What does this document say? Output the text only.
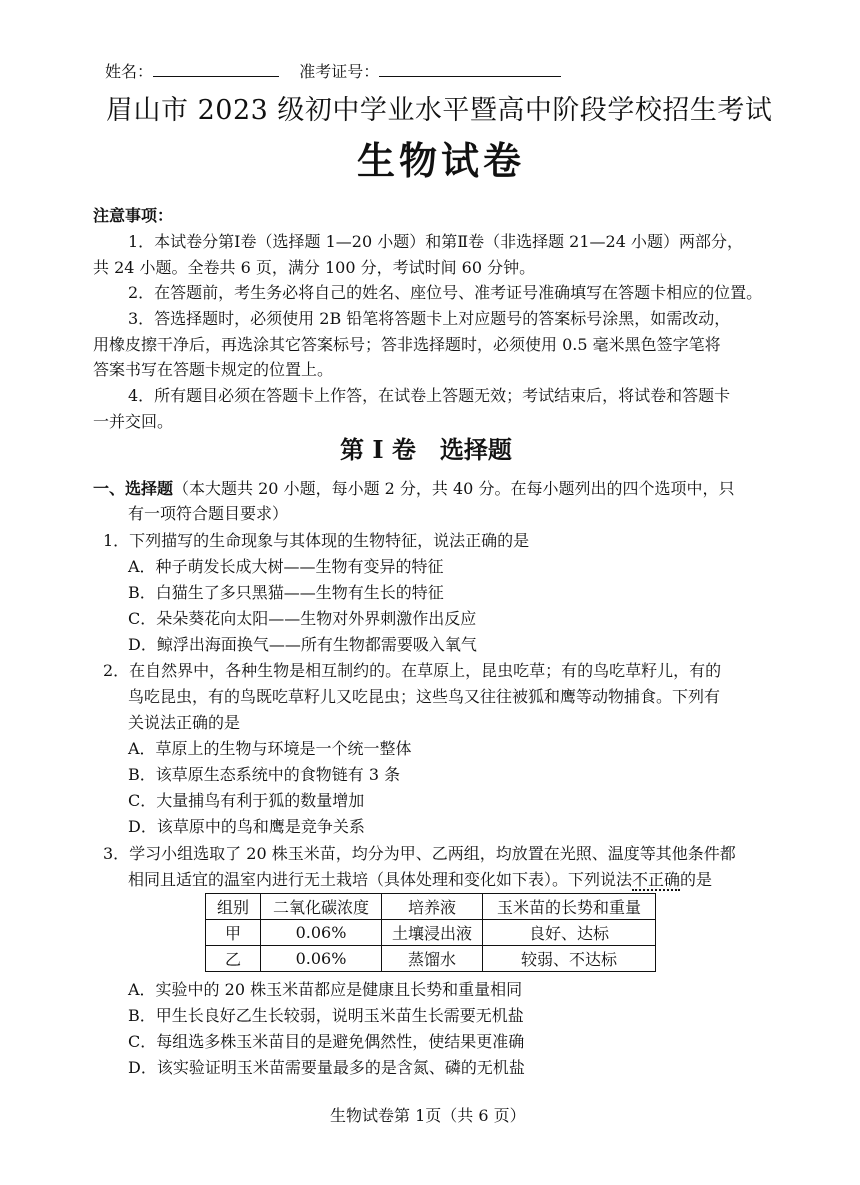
姓名：	准考证号：
眉山市 2023 级初中学业水平暨高中阶段学校招生考试
生物试卷
注意事项：
1．本试卷分第Ⅰ卷（选择题 1—20 小题）和第Ⅱ卷（非选择题 21—24 小题）两部分，
共 24 小题。全卷共 6 页，满分 100 分，考试时间 60 分钟。
2．在答题前，考生务必将自己的姓名、座位号、准考证号准确填写在答题卡相应的位置。
3．答选择题时，必须使用 2B 铅笔将答题卡上对应题号的答案标号涂黑，如需改动，
用橡皮擦干净后，再选涂其它答案标号；答非选择题时，必须使用 0.5 毫米黑色签字笔将
答案书写在答题卡规定的位置上。
4．所有题目必须在答题卡上作答，在试卷上答题无效；考试结束后，将试卷和答题卡
一并交回。
第 I 卷　选择题
一、选择题（本大题共 20 小题，每小题 2 分，共 40 分。在每小题列出的四个选项中，只
有一项符合题目要求）
1．下列描写的生命现象与其体现的生物特征，说法正确的是
A．种子萌发长成大树——生物有变异的特征
B．白猫生了多只黑猫——生物有生长的特征
C．朵朵葵花向太阳——生物对外界刺激作出反应
D．鲸浮出海面换气——所有生物都需要吸入氧气
2．在自然界中，各种生物是相互制约的。在草原上，昆虫吃草；有的鸟吃草籽儿，有的
鸟吃昆虫，有的鸟既吃草籽儿又吃昆虫；这些鸟又往往被狐和鹰等动物捕食。下列有
关说法正确的是
A．草原上的生物与环境是一个统一整体
B．该草原生态系统中的食物链有 3 条
C．大量捕鸟有利于狐的数量增加
D．该草原中的鸟和鹰是竞争关系
3．学习小组选取了 20 株玉米苗，均分为甲、乙两组，均放置在光照、温度等其他条件都
相同且适宜的温室内进行无土栽培（具体处理和变化如下表）。下列说法不正确的是
组别	二氧化碳浓度	培养液	玉米苗的长势和重量
甲	0.06%	土壤浸出液	良好、达标
乙	0.06%	蒸馏水	较弱、不达标
A．实验中的 20 株玉米苗都应是健康且长势和重量相同
B．甲生长良好乙生长较弱，说明玉米苗生长需要无机盐
C．每组选多株玉米苗目的是避免偶然性，使结果更准确
D．该实验证明玉米苗需要量最多的是含氮、磷的无机盐
生物试卷第 1页（共 6 页）
